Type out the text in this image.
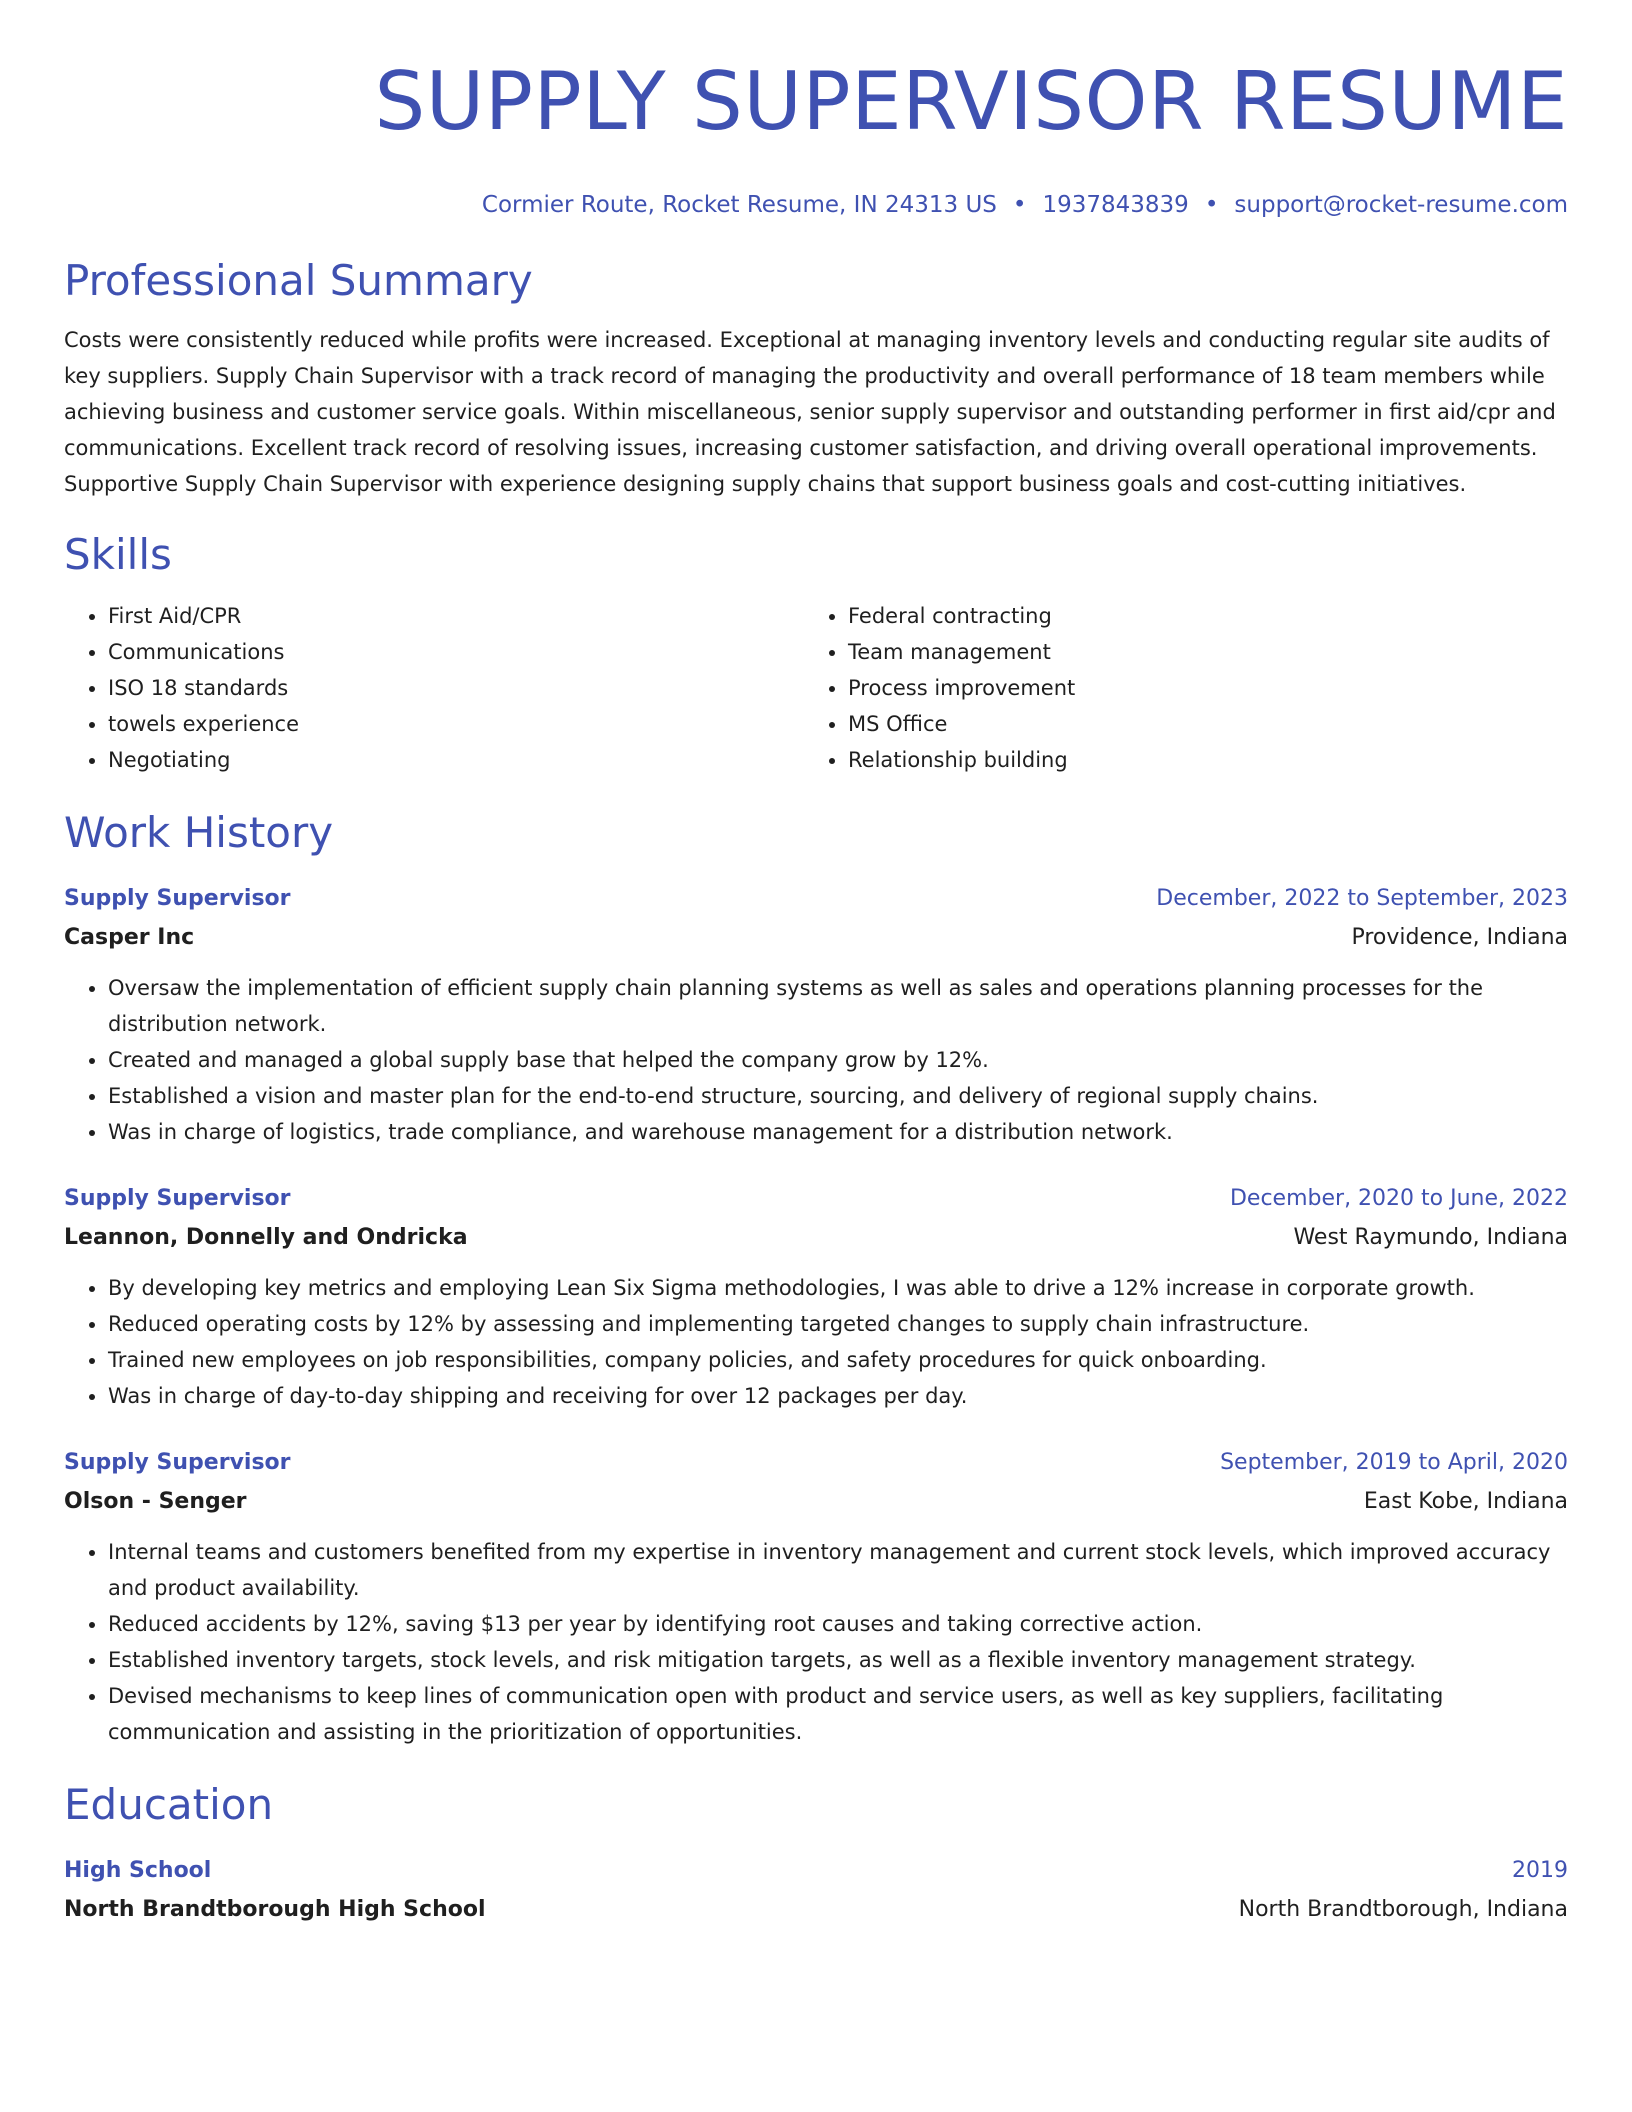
SUPPLY SUPERVISOR RESUME
Cormier Route, Rocket Resume, IN 24313 US • 1937843839 • support@rocket-resume.com
Professional Summary

Costs were consistently reduced while profits were increased. Exceptional at managing inventory levels and conducting regular site audits of key suppliers. Supply Chain Supervisor with a track record of managing the productivity and overall performance of 18 team members while achieving business and customer service goals. Within miscellaneous, senior supply supervisor and outstanding performer in first aid/cpr and communications. Excellent track record of resolving issues, increasing customer satisfaction, and driving overall operational improvements. Supportive Supply Chain Supervisor with experience designing supply chains that support business goals and cost-cutting initiatives.

Skills
• First Aid/CPR
• Communications
• ISO 18 standards
• towels experience
• Negotiating
• Federal contracting
• Team management
• Process improvement
• MS Office
• Relationship building
Work History
Supply Supervisor	December, 2022 to September, 2023
Casper Inc	Providence, Indiana
• Oversaw the implementation of efficient supply chain planning systems as well as sales and operations planning processes for the distribution network.
• Created and managed a global supply base that helped the company grow by 12%.
• Established a vision and master plan for the end-to-end structure, sourcing, and delivery of regional supply chains.
• Was in charge of logistics, trade compliance, and warehouse management for a distribution network.
Supply Supervisor	December, 2020 to June, 2022
Leannon, Donnelly and Ondricka	West Raymundo, Indiana
• By developing key metrics and employing Lean Six Sigma methodologies, I was able to drive a 12% increase in corporate growth.
• Reduced operating costs by 12% by assessing and implementing targeted changes to supply chain infrastructure.
• Trained new employees on job responsibilities, company policies, and safety procedures for quick onboarding.
• Was in charge of day-to-day shipping and receiving for over 12 packages per day.
Supply Supervisor	September, 2019 to April, 2020
Olson - Senger	East Kobe, Indiana
• Internal teams and customers benefited from my expertise in inventory management and current stock levels, which improved accuracy and product availability.
• Reduced accidents by 12%, saving $13 per year by identifying root causes and taking corrective action.
• Established inventory targets, stock levels, and risk mitigation targets, as well as a flexible inventory management strategy.
• Devised mechanisms to keep lines of communication open with product and service users, as well as key suppliers, facilitating communication and assisting in the prioritization of opportunities.
Education
High School	2019
North Brandtborough High School	North Brandtborough, Indiana
